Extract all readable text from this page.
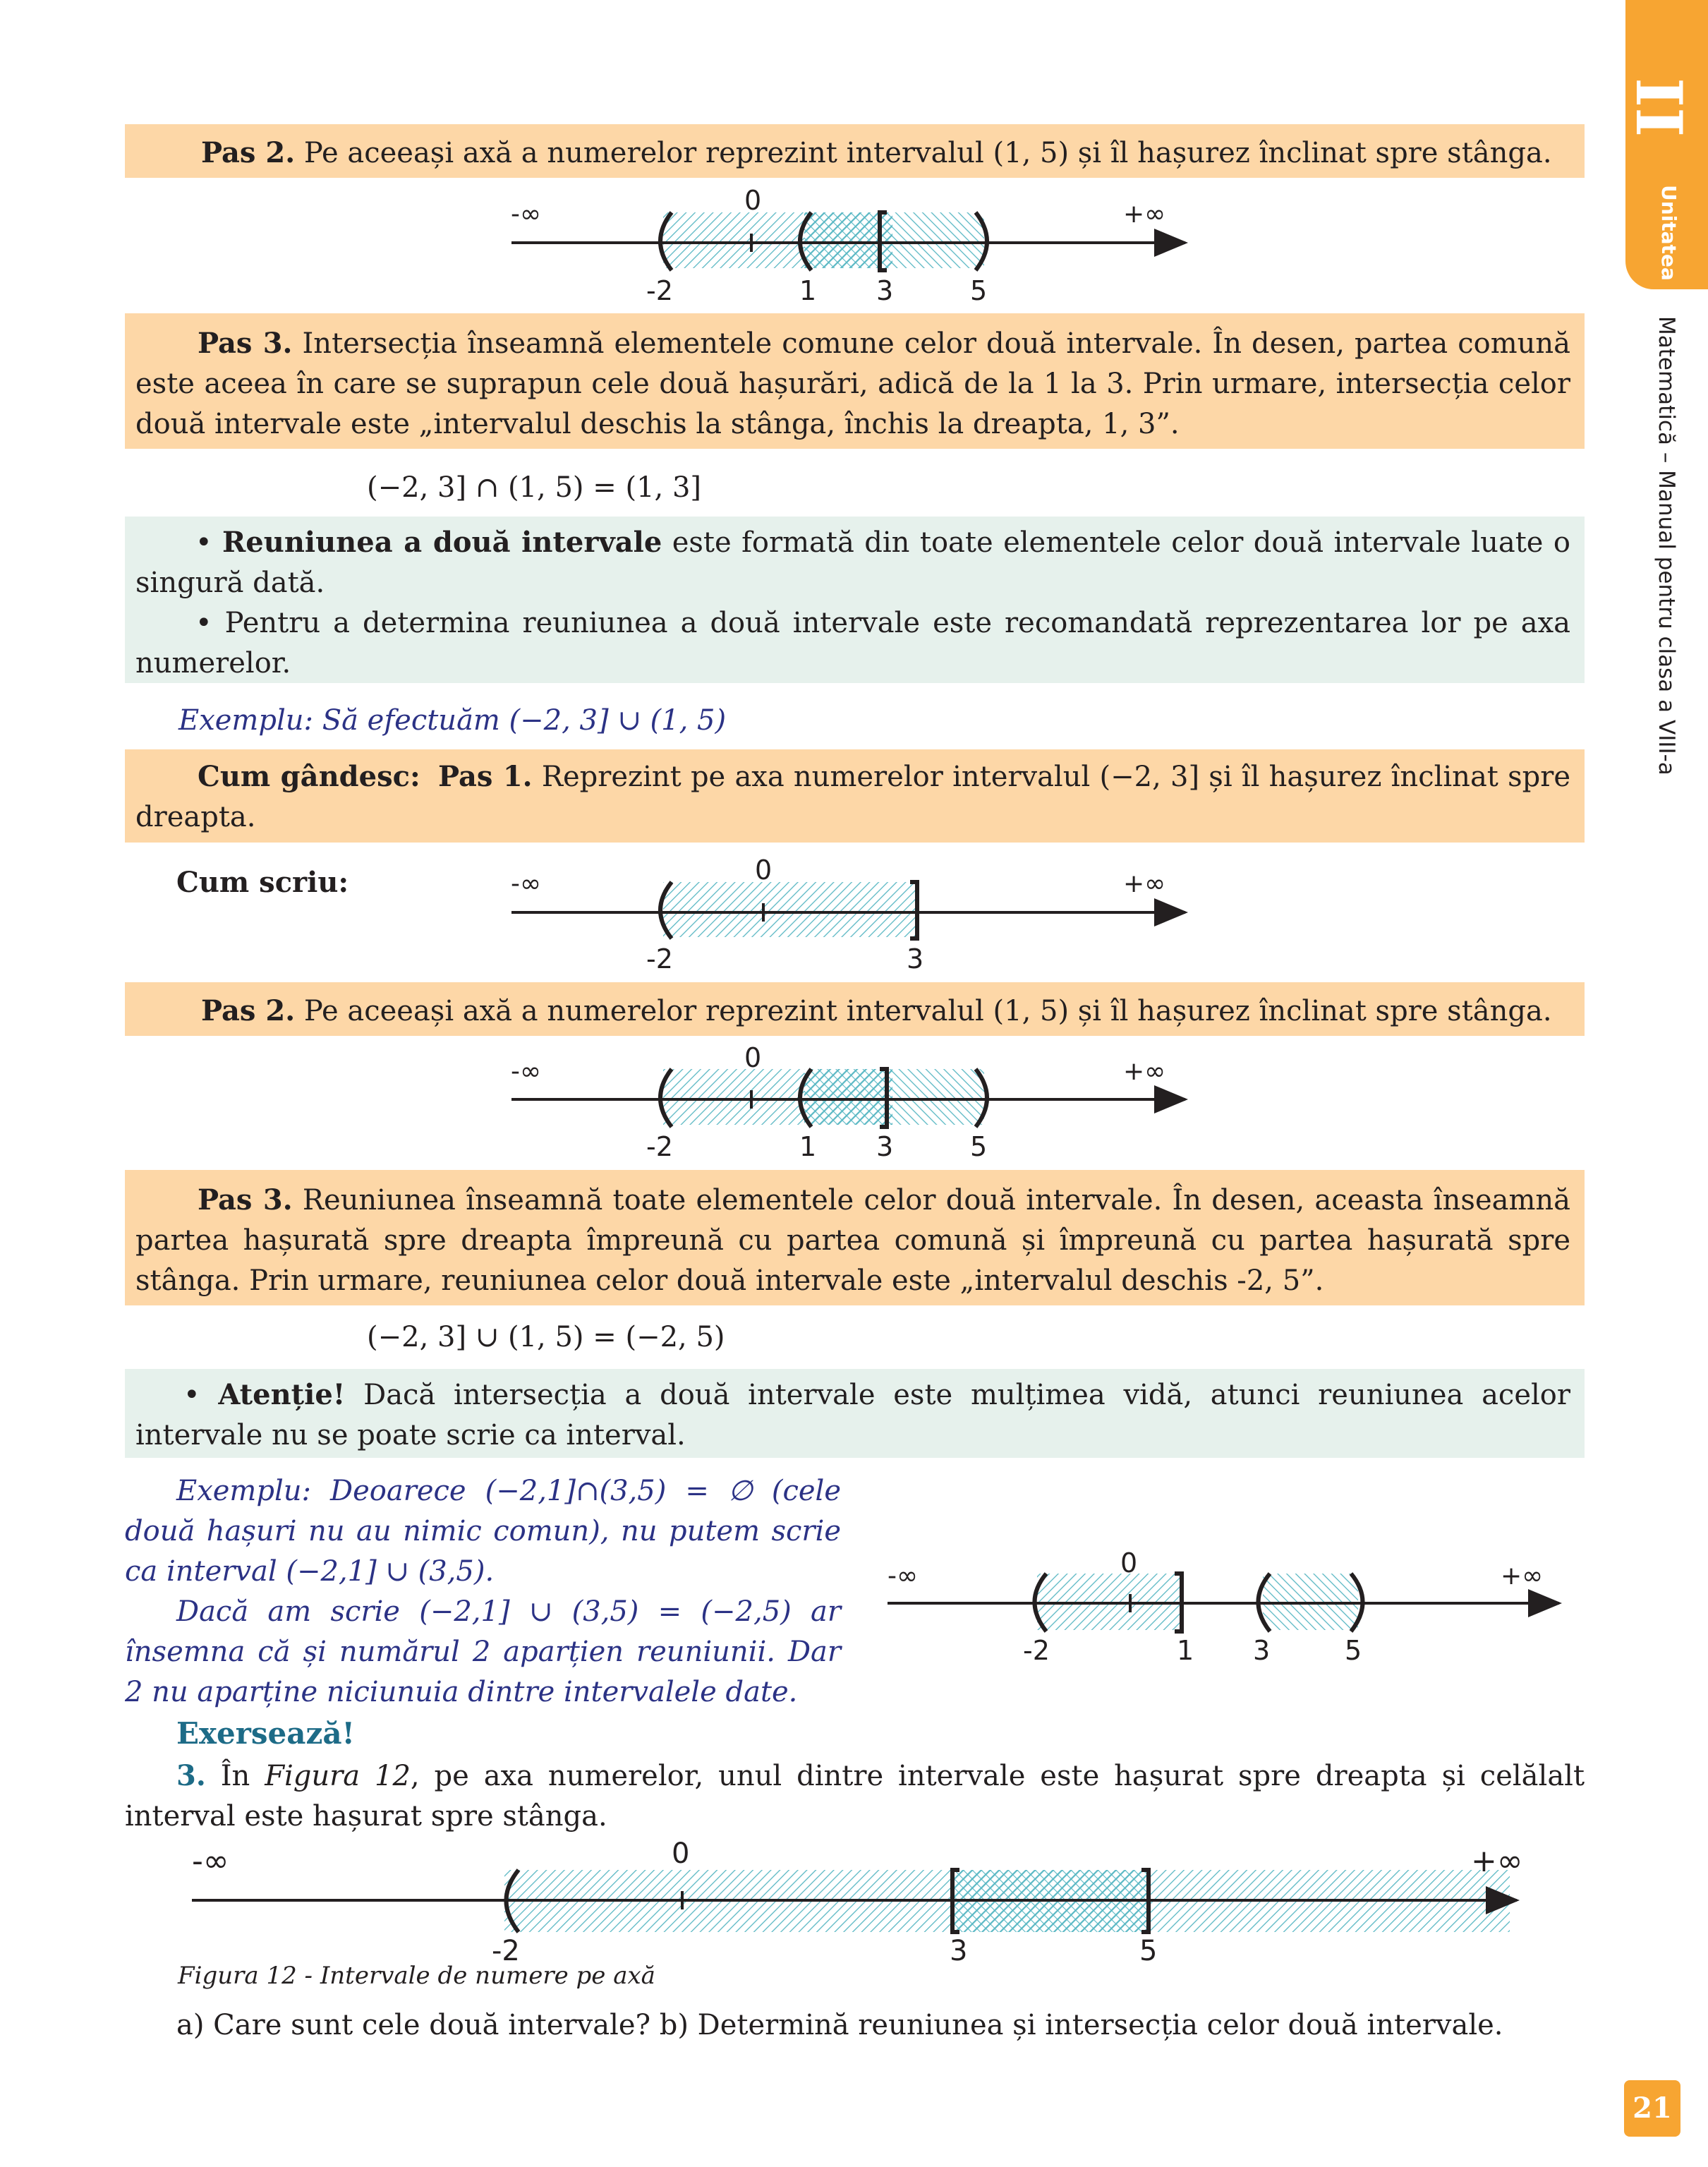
II
Unitatea
Matematică – Manual pentru clasa a VIII-a
21
Pas 2. Pe aceeași axă a numerelor reprezint intervalul (1, 5) și îl hașurez înclinat spre stânga.
-∞	+∞
0
-2	1 3	5
Pas 3. Intersecția înseamnă elementele comune celor două intervale. În desen, partea comună este aceea în care se suprapun cele două hașurări, adică de la 1 la 3. Prin urmare, intersecția celor două intervale este „intervalul deschis la stânga, închis la dreapta, 1, 3”.
(−2, 3] ∩ (1, 5) = (1, 3]
• Reuniunea a două intervale este formată din toate elementele celor două intervale luate o singură dată.
• Pentru a determina reuniunea a două intervale este recomandată reprezentarea lor pe axa numerelor.
Exemplu: Să efectuăm (−2, 3] ∪ (1, 5)
Cum gândesc: Pas 1. Reprezint pe axa numerelor intervalul (−2, 3] și îl hașurez înclinat spre dreapta.
Cum scriu:	-∞	+∞
0
-2	3
Pas 2. Pe aceeași axă a numerelor reprezint intervalul (1, 5) și îl hașurez înclinat spre stânga.
-∞	+∞
0
-2	1 3	5
Pas 3. Reuniunea înseamnă toate elementele celor două intervale. În desen, aceasta înseamnă partea hașurată spre dreapta împreună cu partea comună și împreună cu partea hașurată spre stânga. Prin urmare, reuniunea celor două intervale este „intervalul deschis -2, 5”.
(−2, 3] ∪ (1, 5) = (−2, 5)
• Atenție! Dacă intersecția a două intervale este mulțimea vidă, atunci reuniunea acelor intervale nu se poate scrie ca interval.
Exemplu: Deoarece (−2,1]∩(3,5) = ∅ (cele două hașuri nu au nimic comun), nu putem scrie ca interval (−2,1] ∪ (3,5).
Dacă am scrie (−2,1] ∪ (3,5) = (−2,5) ar însemna că și numărul 2 aparțien reuniunii. Dar 2 nu aparține niciunuia dintre intervalele date.
-∞	+∞
0
-2	1 3	5
Exersează!
3. În Figura 12, pe axa numerelor, unul dintre intervale este hașurat spre dreapta și celălalt interval este hașurat spre stânga.
-∞	+∞
0
-2	3	5
Figura 12 - Intervale de numere pe axă
a) Care sunt cele două intervale? b) Determină reuniunea și intersecția celor două intervale.
